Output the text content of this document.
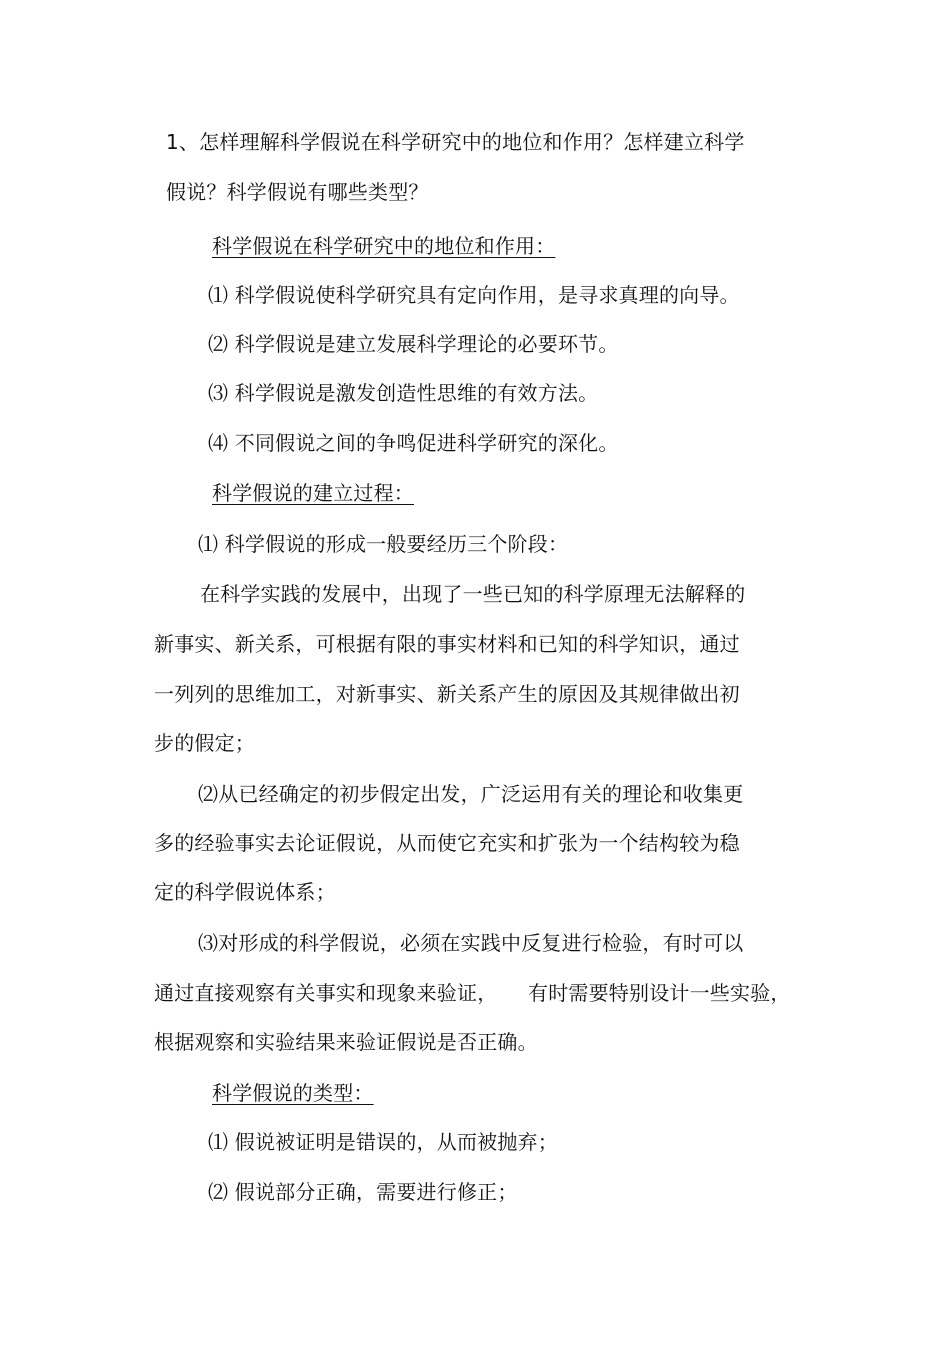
1、怎样理解科学假说在科学研究中的地位和作用？怎样建立科学
假说？科学假说有哪些类型？
科学假说在科学研究中的地位和作用：
⑴ 科学假说使科学研究具有定向作用，是寻求真理的向导。
⑵ 科学假说是建立发展科学理论的必要环节。
⑶ 科学假说是激发创造性思维的有效方法。
⑷ 不同假说之间的争鸣促进科学研究的深化。
科学假说的建立过程：
⑴ 科学假说的形成一般要经历三个阶段：
在科学实践的发展中，出现了一些已知的科学原理无法解释的
新事实、新关系，可根据有限的事实材料和已知的科学知识，通过
一列列的思维加工，对新事实、新关系产生的原因及其规律做出初
步的假定；
⑵从已经确定的初步假定出发，广泛运用有关的理论和收集更
多的经验事实去论证假说，从而使它充实和扩张为一个结构较为稳
定的科学假说体系；
⑶对形成的科学假说，必须在实践中反复进行检验，有时可以
通过直接观察有关事实和现象来验证， 有时需要特别设计一些实验，
根据观察和实验结果来验证假说是否正确。
科学假说的类型：
⑴ 假说被证明是错误的，从而被抛弃；
⑵ 假说部分正确，需要进行修正；
